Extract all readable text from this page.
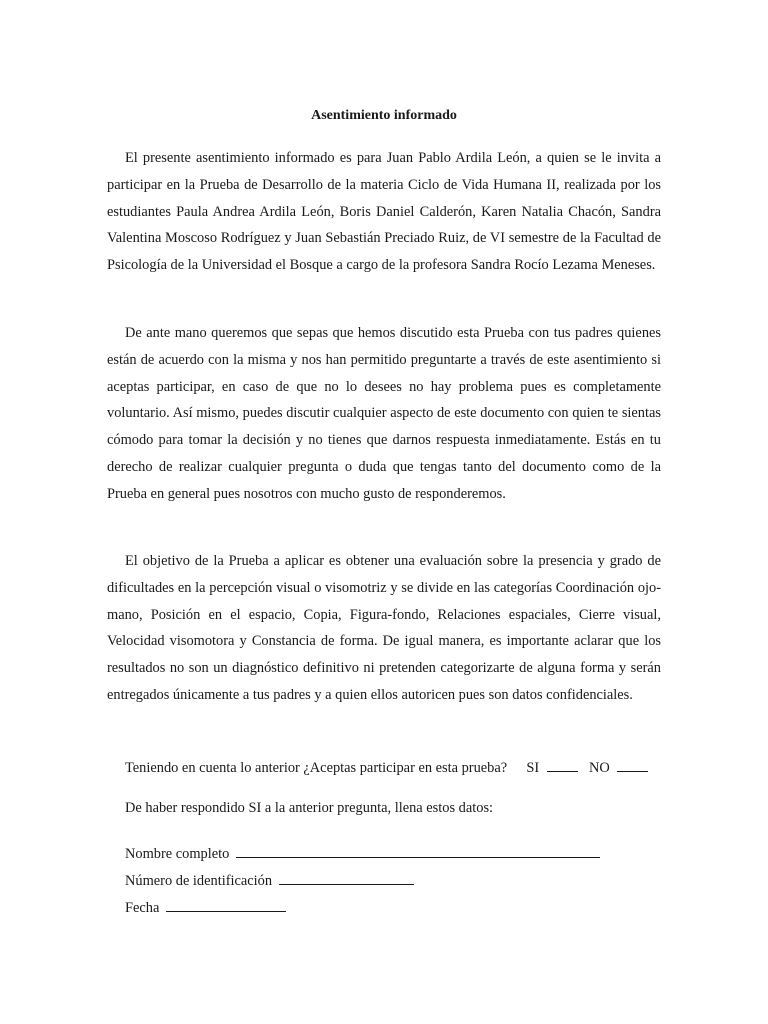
Asentimiento informado

El presente asentimiento informado es para Juan Pablo Ardila León, a quien se le invita a participar en la Prueba de Desarrollo de la materia Ciclo de Vida Humana II, realizada por los estudiantes Paula Andrea Ardila León, Boris Daniel Calderón, Karen Natalia Chacón, Sandra Valentina Moscoso Rodríguez y Juan Sebastián Preciado Ruiz, de VI semestre de la Facultad de Psicología de la Universidad el Bosque a cargo de la profesora Sandra Rocío Lezama Meneses.

De ante mano queremos que sepas que hemos discutido esta Prueba con tus padres quienes están de acuerdo con la misma y nos han permitido preguntarte a través de este asentimiento si aceptas participar, en caso de que no lo desees no hay problema pues es completamente voluntario. Así mismo, puedes discutir cualquier aspecto de este documento con quien te sientas cómodo para tomar la decisión y no tienes que darnos respuesta inmediatamente. Estás en tu derecho de realizar cualquier pregunta o duda que tengas tanto del documento como de la Prueba en general pues nosotros con mucho gusto de responderemos.

El objetivo de la Prueba a aplicar es obtener una evaluación sobre la presencia y grado de dificultades en la percepción visual o visomotriz y se divide en las categorías Coordinación ojo-mano, Posición en el espacio, Copia, Figura-fondo, Relaciones espaciales, Cierre visual, Velocidad visomotora y Constancia de forma. De igual manera, es importante aclarar que los resultados no son un diagnóstico definitivo ni pretenden categorizarte de alguna forma y serán entregados únicamente a tus padres y a quien ellos autoricen pues son datos confidenciales.

Teniendo en cuenta lo anterior ¿Aceptas participar en esta prueba? SI	NO
De haber respondido SI a la anterior pregunta, llena estos datos:
Nombre completo
Número de identificación
Fecha
